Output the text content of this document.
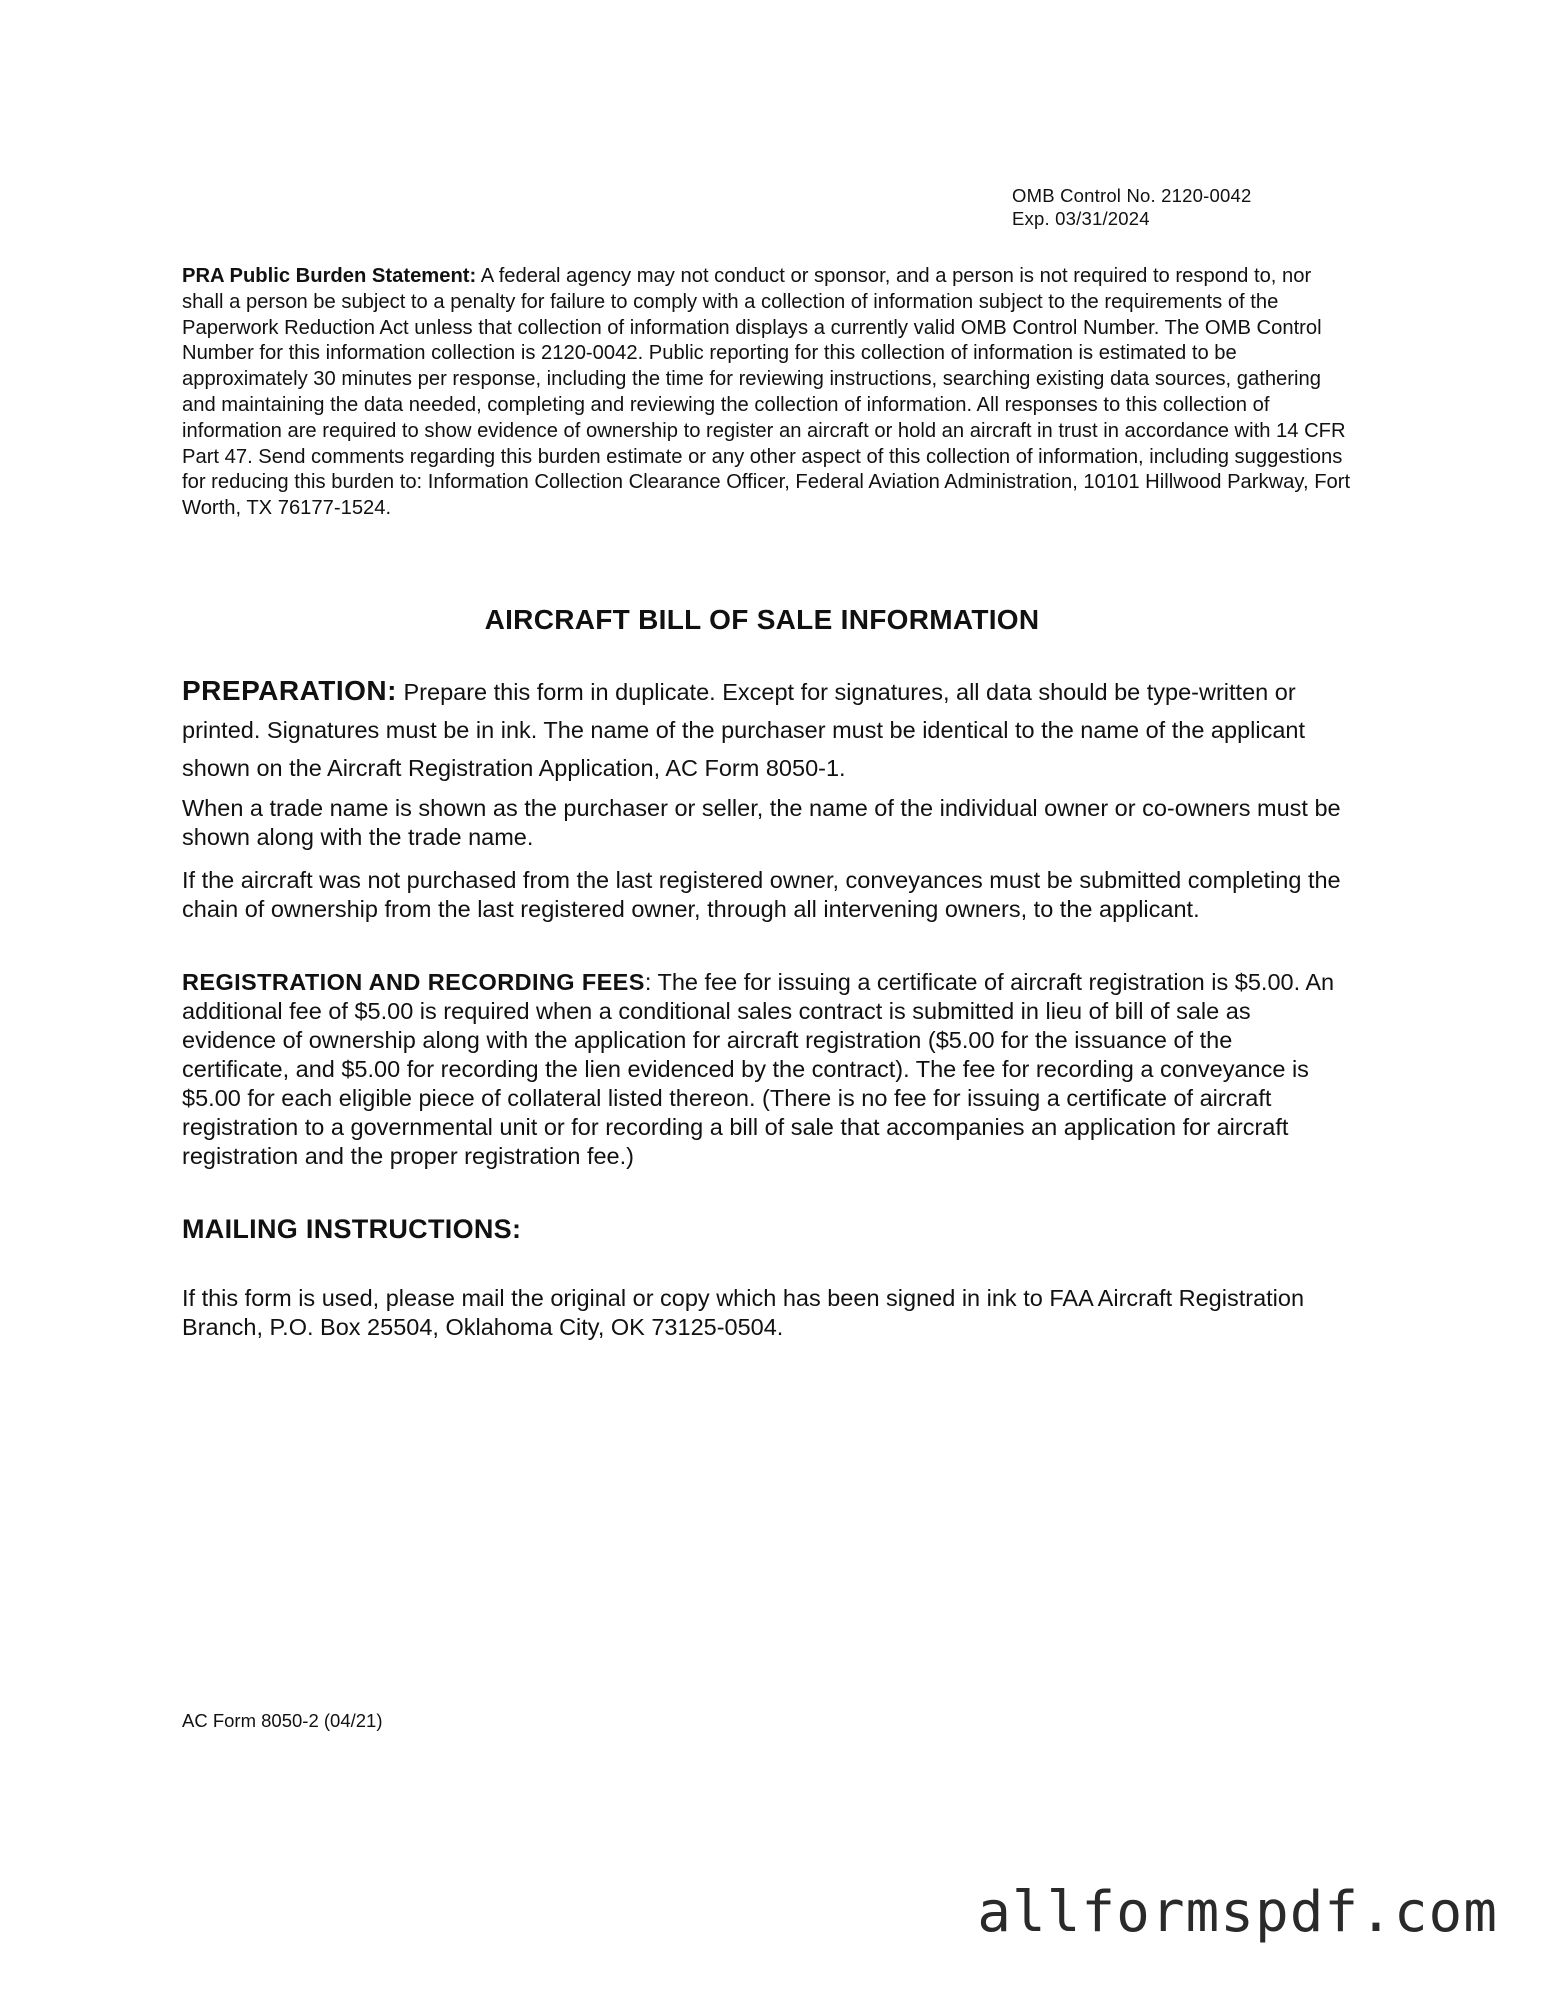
OMB Control No. 2120-0042
Exp. 03/31/2024
PRA Public Burden Statement: A federal agency may not conduct or sponsor, and a person is not required to respond to, nor shall a person be subject to a penalty for failure to comply with a collection of information subject to the requirements of the Paperwork Reduction Act unless that collection of information displays a currently valid OMB Control Number. The OMB Control Number for this information collection is 2120-0042. Public reporting for this collection of information is estimated to be approximately 30 minutes per response, including the time for reviewing instructions, searching existing data sources, gathering and maintaining the data needed, completing and reviewing the collection of information. All responses to this collection of information are required to show evidence of ownership to register an aircraft or hold an aircraft in trust in accordance with 14 CFR Part 47. Send comments regarding this burden estimate or any other aspect of this collection of information, including suggestions for reducing this burden to: Information Collection Clearance Officer, Federal Aviation Administration, 10101 Hillwood Parkway, Fort Worth, TX 76177-1524.
AIRCRAFT BILL OF SALE INFORMATION
PREPARATION: Prepare this form in duplicate. Except for signatures, all data should be type-written or printed. Signatures must be in ink. The name of the purchaser must be identical to the name of the applicant shown on the Aircraft Registration Application, AC Form 8050-1.
When a trade name is shown as the purchaser or seller, the name of the individual owner or co-owners must be shown along with the trade name.
If the aircraft was not purchased from the last registered owner, conveyances must be submitted completing the chain of ownership from the last registered owner, through all intervening owners, to the applicant.
REGISTRATION AND RECORDING FEES: The fee for issuing a certificate of aircraft registration is $5.00. An additional fee of $5.00 is required when a conditional sales contract is submitted in lieu of bill of sale as evidence of ownership along with the application for aircraft registration ($5.00 for the issuance of the certificate, and $5.00 for recording the lien evidenced by the contract). The fee for recording a conveyance is $5.00 for each eligible piece of collateral listed thereon. (There is no fee for issuing a certificate of aircraft registration to a governmental unit or for recording a bill of sale that accompanies an application for aircraft registration and the proper registration fee.)
MAILING INSTRUCTIONS:
If this form is used, please mail the original or copy which has been signed in ink to FAA Aircraft Registration Branch, P.O. Box 25504, Oklahoma City, OK 73125-0504.
AC Form 8050-2 (04/21)
allformspdf.com
